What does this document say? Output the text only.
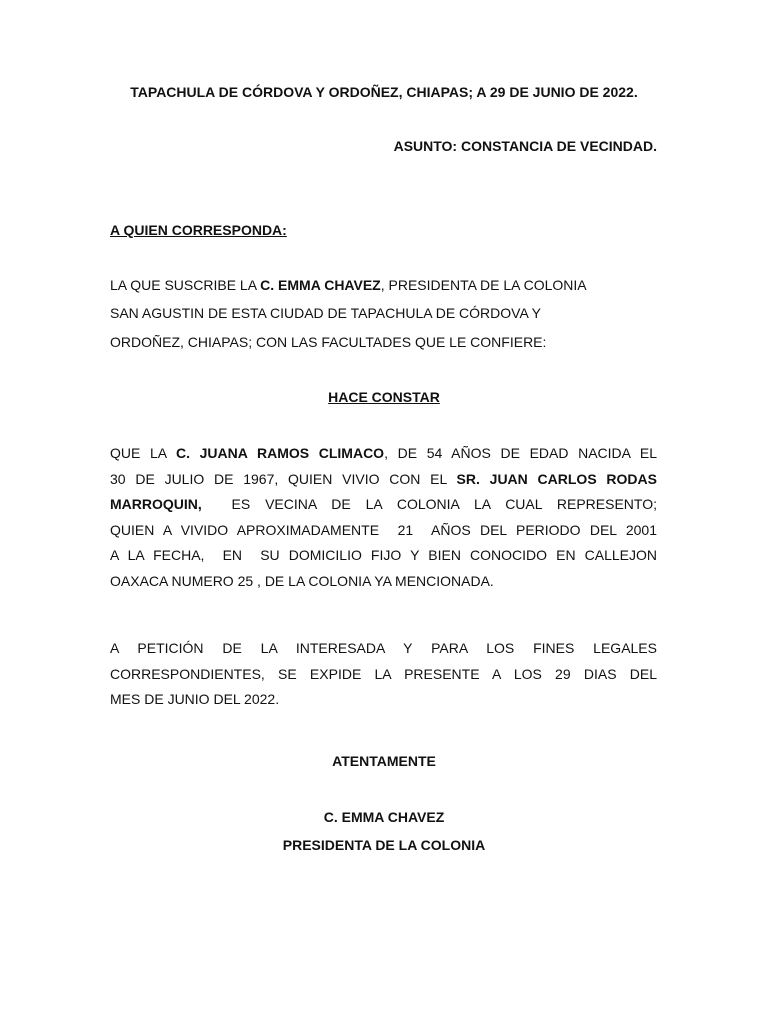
TAPACHULA DE CÓRDOVA Y ORDOÑEZ, CHIAPAS; A 29 DE JUNIO DE 2022.
ASUNTO: CONSTANCIA DE VECINDAD.
A QUIEN CORRESPONDA:
LA QUE SUSCRIBE LA C. EMMA CHAVEZ, PRESIDENTA DE LA COLONIA
SAN AGUSTIN DE ESTA CIUDAD DE TAPACHULA DE CÓRDOVA Y
ORDOÑEZ, CHIAPAS; CON LAS FACULTADES QUE LE CONFIERE:
HACE CONSTAR
QUE LA C. JUANA RAMOS CLIMACO, DE 54 AÑOS DE EDAD NACIDA EL
30 DE JULIO DE 1967, QUIEN VIVIO CON EL SR. JUAN CARLOS RODAS
MARROQUIN,  ES VECINA DE LA COLONIA LA CUAL REPRESENTO;
QUIEN A VIVIDO APROXIMADAMENTE  21  AÑOS DEL PERIODO DEL 2001
A LA FECHA,  EN  SU DOMICILIO FIJO Y BIEN CONOCIDO EN CALLEJON
OAXACA NUMERO 25 , DE LA COLONIA YA MENCIONADA.
A PETICIÓN DE LA INTERESADA Y PARA LOS FINES LEGALES
CORRESPONDIENTES, SE EXPIDE LA PRESENTE A LOS 29 DIAS DEL
MES DE JUNIO DEL 2022.
ATENTAMENTE
C. EMMA CHAVEZ
PRESIDENTA DE LA COLONIA
